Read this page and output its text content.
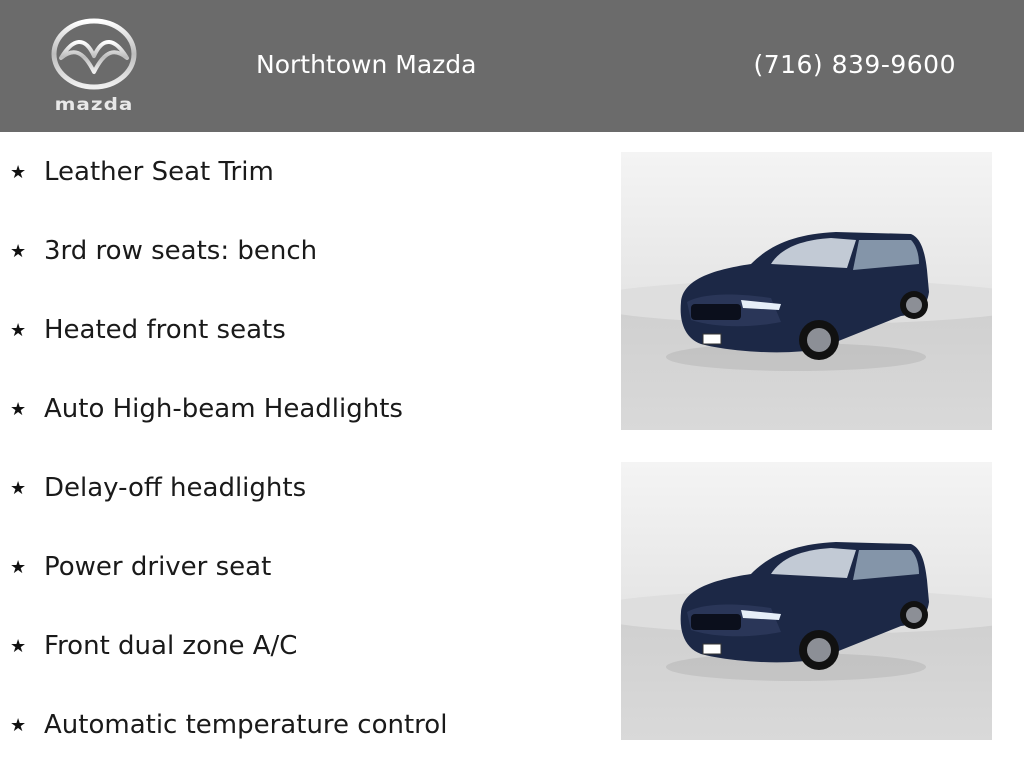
mazda
Northtown Mazda	(716) 839-9600
★ Leather Seat Trim
★ 3rd row seats: bench
★ Heated front seats
★ Auto High-beam Headlights
★ Delay-off headlights
★ Power driver seat
★ Front dual zone A/C
★ Automatic temperature control
